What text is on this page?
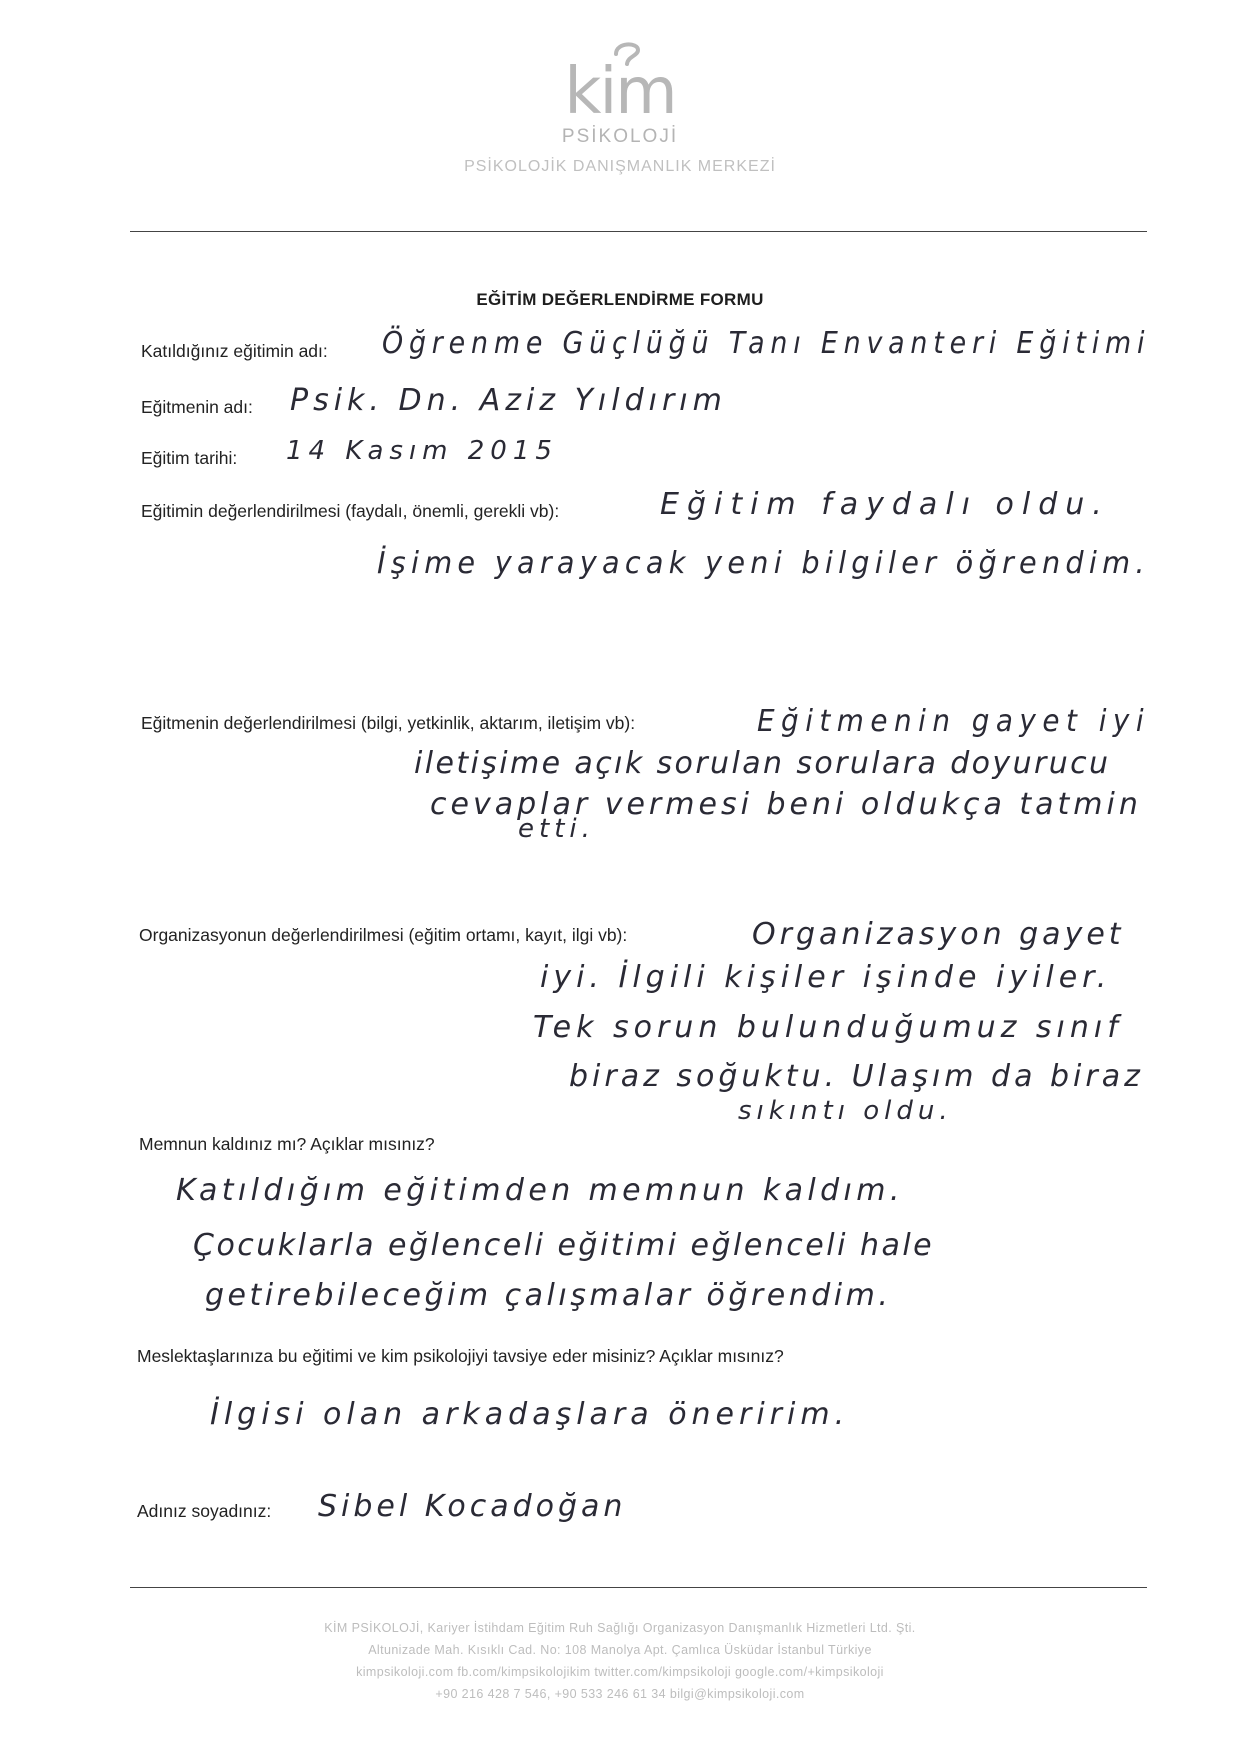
kim
PSİKOLOJİ
PSİKOLOJİK DANIŞMANLIK MERKEZİ
EĞİTİM DEĞERLENDİRME FORMU
Katıldığınız eğitimin adı: Öğrenme Güçlüğü Tanı Envanteri Eğitimi
Eğitmenin adı: Psik. Dn. Aziz Yıldırım
Eğitim tarihi: 14 Kasım 2015
Eğitimin değerlendirilmesi (faydalı, önemli, gerekli vb):	Eğitim faydalı oldu.
İşime yarayacak yeni bilgiler öğrendim.
Eğitmenin değerlendirilmesi (bilgi, yetkinlik, aktarım, iletişim vb):	Eğitmenin gayet iyi
iletişime açık sorulan sorulara doyurucu
cevaplar vermesi beni oldukça tatmin
etti.
Organizasyonun değerlendirilmesi (eğitim ortamı, kayıt, ilgi vb):	Organizasyon gayet
iyi. İlgili kişiler işinde iyiler.
Tek sorun bulunduğumuz sınıf
biraz soğuktu. Ulaşım da biraz
sıkıntı oldu.
Memnun kaldınız mı? Açıklar mısınız?
Katıldığım eğitimden memnun kaldım.
Çocuklarla eğlenceli eğitimi eğlenceli hale
getirebileceğim çalışmalar öğrendim.
Meslektaşlarınıza bu eğitimi ve kim psikolojiyi tavsiye eder misiniz? Açıklar mısınız?
İlgisi olan arkadaşlara öneririm.
Adınız soyadınız: Sibel Kocadoğan
KİM PSİKOLOJİ, Kariyer İstihdam Eğitim Ruh Sağlığı Organizasyon Danışmanlık Hizmetleri Ltd. Şti.
Altunizade Mah. Kısıklı Cad. No: 108 Manolya Apt. Çamlıca Üsküdar İstanbul Türkiye
kimpsikoloji.com fb.com/kimpsikolojikim twitter.com/kimpsikoloji google.com/+kimpsikoloji
+90 216 428 7 546, +90 533 246 61 34 bilgi@kimpsikoloji.com
